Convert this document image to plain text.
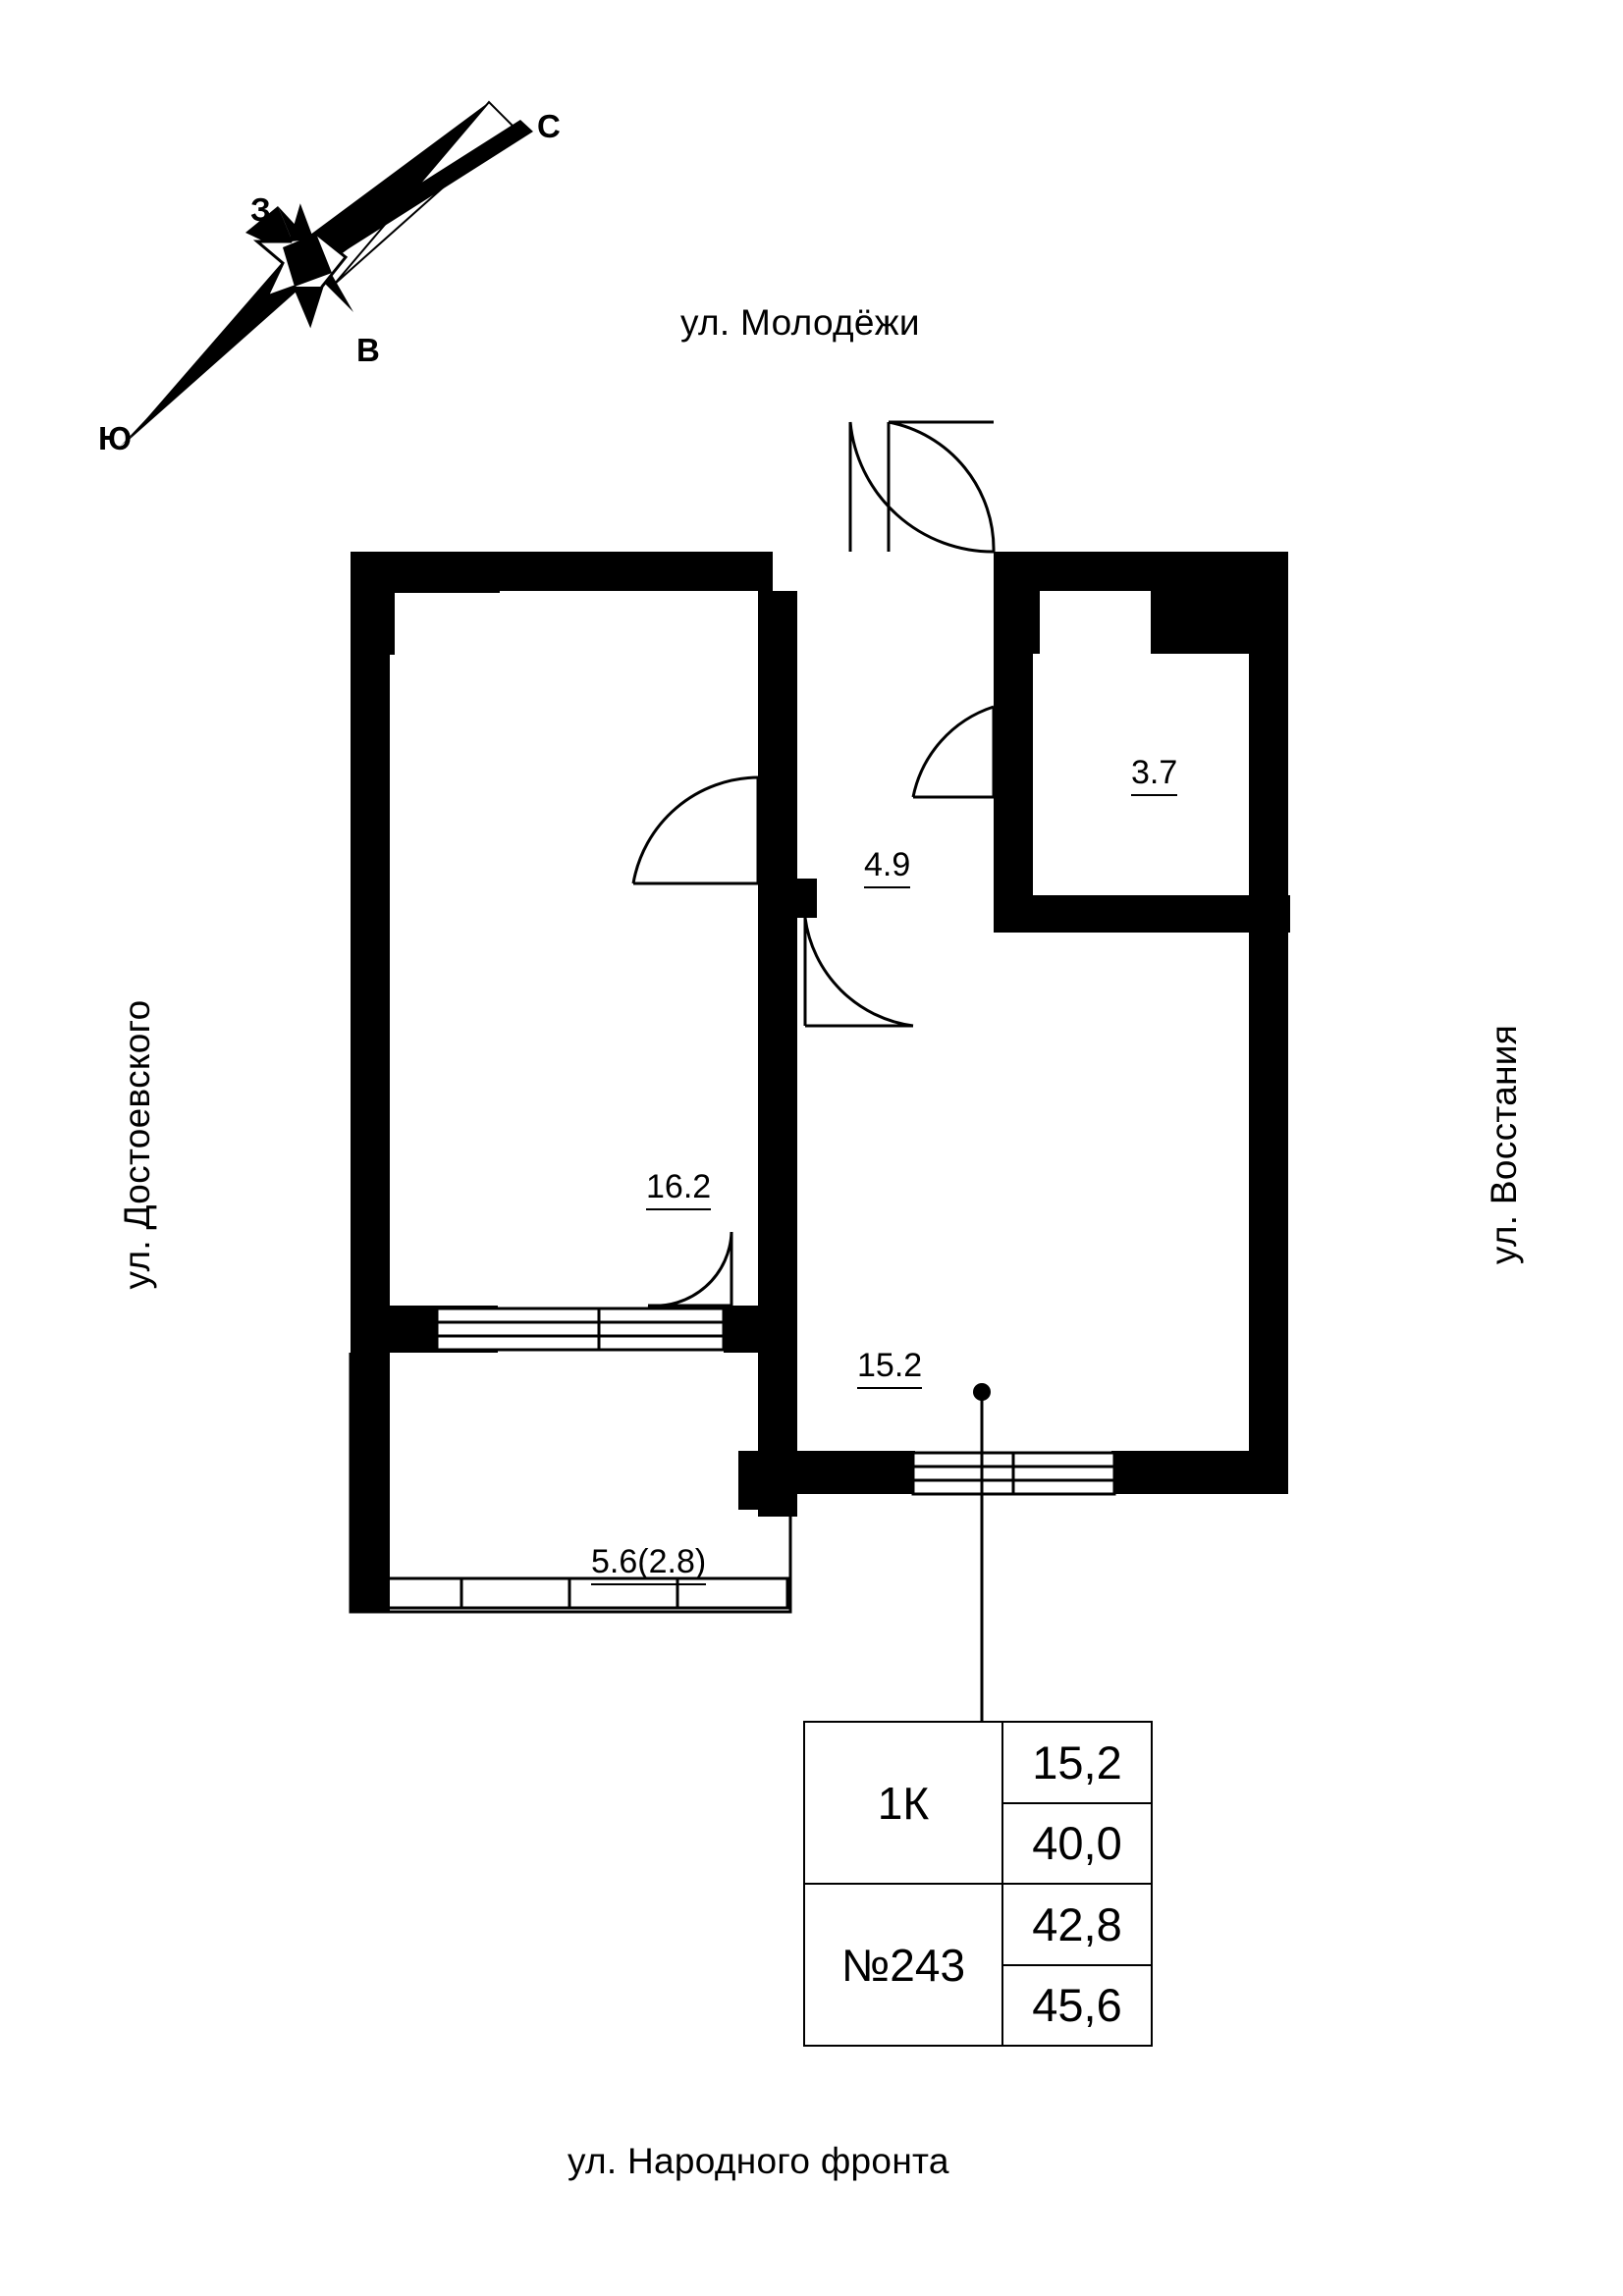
С
З
В
Ю
ул. Молодёжи
ул. Народного фронта
ул. Достоевского	ул. Восстания
16.2
15.2
4.9
3.7
5.6(2.8)
1К
№243
15,2
40,0
42,8
45,6
